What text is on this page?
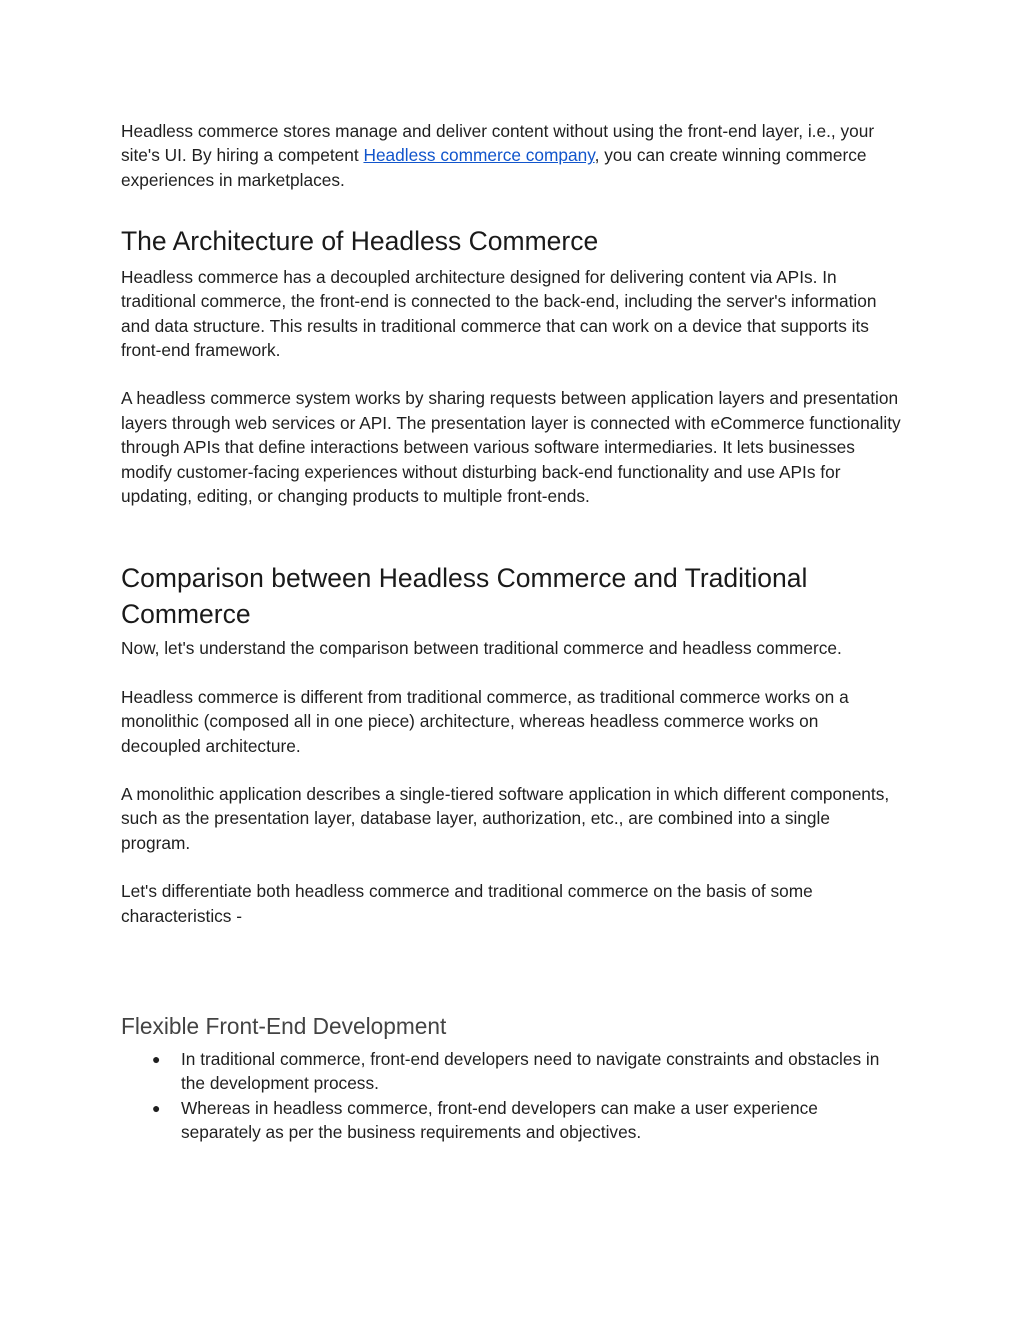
Headless commerce stores manage and deliver content without using the front-end layer, i.e., your site's UI. By hiring a competent Headless commerce company, you can create winning commerce experiences in marketplaces.

The Architecture of Headless Commerce

Headless commerce has a decoupled architecture designed for delivering content via APIs. In traditional commerce, the front-end is connected to the back-end, including the server's information and data structure. This results in traditional commerce that can work on a device that supports its front-end framework.

A headless commerce system works by sharing requests between application layers and presentation layers through web services or API. The presentation layer is connected with eCommerce functionality through APIs that define interactions between various software intermediaries. It lets businesses modify customer-facing experiences without disturbing back-end functionality and use APIs for updating, editing, or changing products to multiple front-ends.

Comparison between Headless Commerce and Traditional Commerce

Now, let's understand the comparison between traditional commerce and headless commerce.

Headless commerce is different from traditional commerce, as traditional commerce works on a monolithic (composed all in one piece) architecture, whereas headless commerce works on decoupled architecture.

A monolithic application describes a single-tiered software application in which different components, such as the presentation layer, database layer, authorization, etc., are combined into a single program.

Let's differentiate both headless commerce and traditional commerce on the basis of some characteristics -

Flexible Front-End Development
● In traditional commerce, front-end developers need to navigate constraints and obstacles in the development process.
● Whereas in headless commerce, front-end developers can make a user experience separately as per the business requirements and objectives.
